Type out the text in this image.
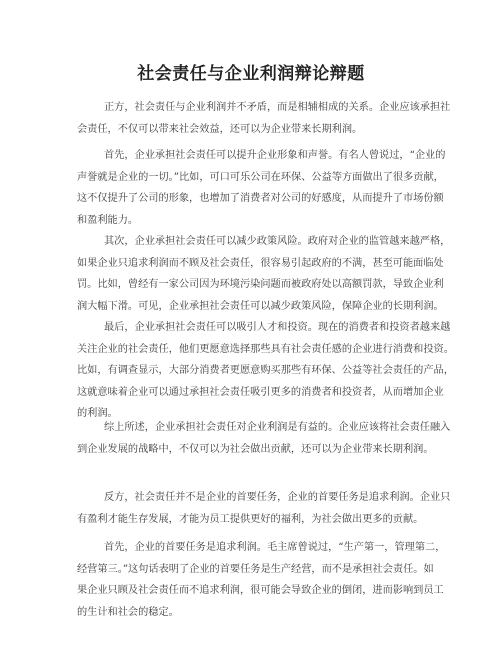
社会责任与企业利润辩论辩题
正方，社会责任与企业利润并不矛盾，而是相辅相成的关系。企业应该承担社
会责任，不仅可以带来社会效益，还可以为企业带来长期利润。
首先，企业承担社会责任可以提升企业形象和声誉。有名人曾说过，“企业的
声誉就是企业的一切。”比如，可口可乐公司在环保、公益等方面做出了很多贡献，
这不仅提升了公司的形象，也增加了消费者对公司的好感度，从而提升了市场份额
和盈利能力。
其次，企业承担社会责任可以减少政策风险。政府对企业的监管越来越严格，
如果企业只追求利润而不顾及社会责任，很容易引起政府的不满，甚至可能面临处
罚。比如，曾经有一家公司因为环境污染问题而被政府处以高额罚款，导致企业利
润大幅下滑。可见，企业承担社会责任可以减少政策风险，保障企业的长期利润。
最后，企业承担社会责任可以吸引人才和投资。现在的消费者和投资者越来越
关注企业的社会责任，他们更愿意选择那些具有社会责任感的企业进行消费和投资。
比如，有调查显示，大部分消费者更愿意购买那些有环保、公益等社会责任的产品，
这就意味着企业可以通过承担社会责任吸引更多的消费者和投资者，从而增加企业
的利润。
综上所述，企业承担社会责任对企业利润是有益的。企业应该将社会责任融入
到企业发展的战略中，不仅可以为社会做出贡献，还可以为企业带来长期利润。
反方，社会责任并不是企业的首要任务，企业的首要任务是追求利润。企业只
有盈利才能生存发展，才能为员工提供更好的福利，为社会做出更多的贡献。
首先，企业的首要任务是追求利润。毛主席曾说过，“生产第一，管理第二，
经营第三。”这句话表明了企业的首要任务是生产经营，而不是承担社会责任。如
果企业只顾及社会责任而不追求利润，很可能会导致企业的倒闭，进而影响到员工
的生计和社会的稳定。
